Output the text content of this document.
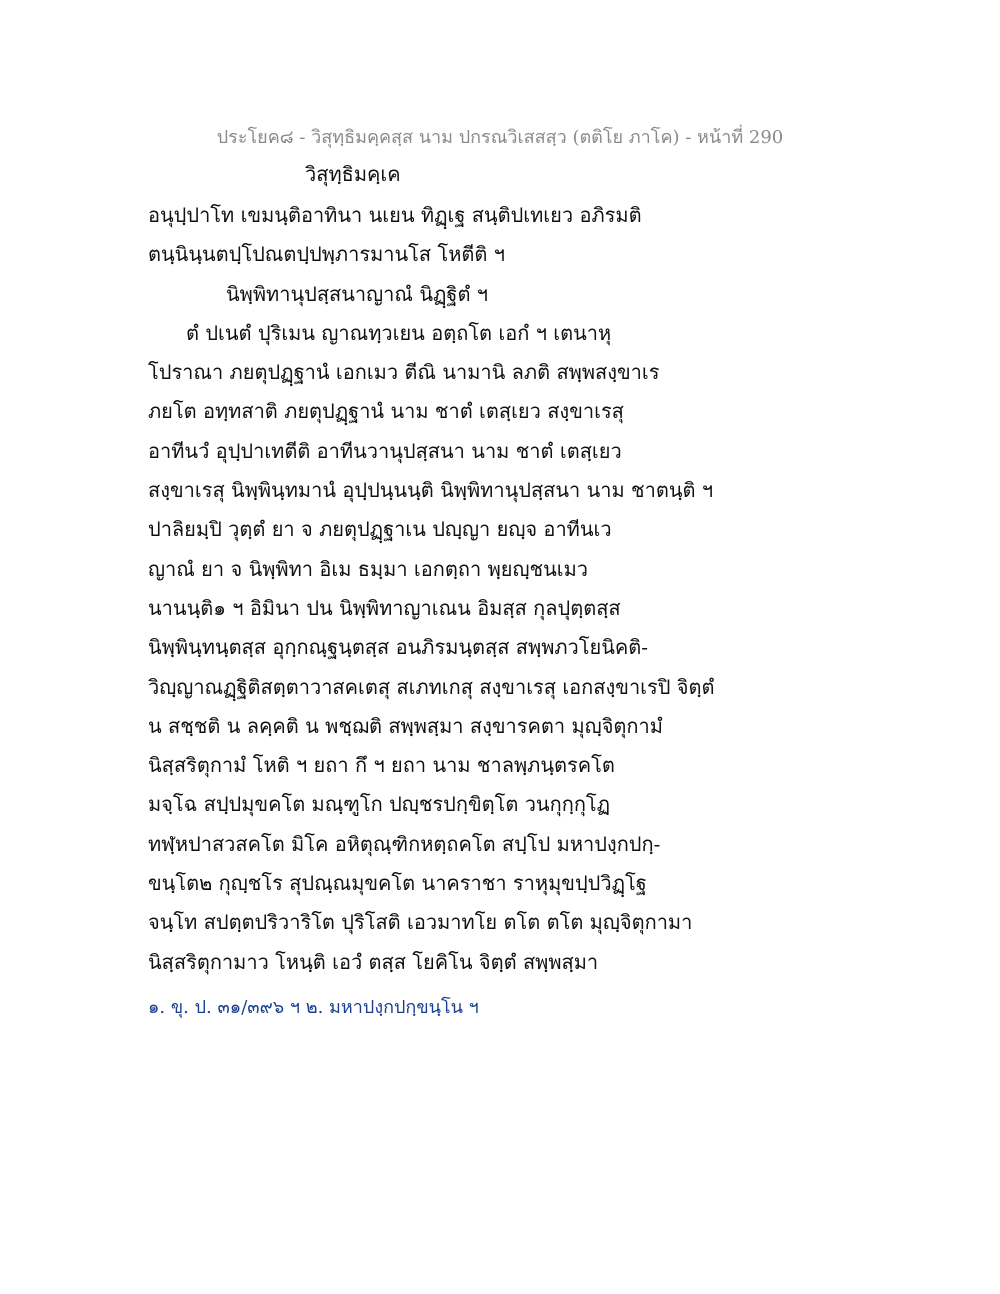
ประโยค๘ - วิสุทฺธิมคฺคสฺส นาม ปกรณวิเสสสฺว (ตติโย ภาโค) - หน้าที่ 290
วิสุทฺธิมคฺเค
อนุปฺปาโท เขมนฺติอาทินา นเยน ทิฏฺเฐ สนฺติปเทเยว อภิรมติ
ตนฺนินฺนตปฺโปณตปฺปพฺภารมานโส โหตีติ ฯ
นิพฺพิทานุปสฺสนาญาณํ นิฏฺฐิตํ ฯ
ตํ ปเนตํ ปุริเมน ญาณทฺวเยน อตฺถโต เอกํ ฯ เตนาหุ
โปราณา ภยตุปฏฺฐานํ เอกเมว ตีณิ นามานิ ลภติ สพฺพสงฺขาเร
ภยโต อทฺทสาติ ภยตุปฏฺฐานํ นาม ชาตํ เตสฺเยว สงฺขาเรสุ
อาทีนวํ อุปฺปาเทตีติ อาทีนวานุปสฺสนา นาม ชาตํ เตสฺเยว
สงฺขาเรสุ นิพฺพินฺทมานํ อุปฺปนฺนนฺติ นิพฺพิทานุปสฺสนา นาม ชาตนฺติ ฯ
ปาลิยมฺปิ วุตฺตํ ยา จ ภยตุปฏฺฐาเน ปญฺญา ยญฺจ อาทีนเว
ญาณํ ยา จ นิพฺพิทา อิเม ธมฺมา เอกตฺถา พฺยญฺชนเมว
นานนฺติ๑ ฯ อิมินา ปน นิพฺพิทาญาเณน อิมสฺส กุลปุตฺตสฺส
นิพฺพินฺทนฺตสฺส อุกฺกณฺฐนฺตสฺส อนภิรมนฺตสฺส สพฺพภวโยนิคติ-
วิญฺญาณฏฺฐิติสตฺตาวาสคเตสุ สเภทเกสุ สงฺขาเรสุ เอกสงฺขาเรปิ จิตฺตํ
น สชฺชติ น ลคฺคติ น พชฺฌติ สพฺพสฺมา สงฺขารคตา มุญฺจิตุกามํ
นิสฺสริตุกามํ โหติ ฯ ยถา กึ ฯ ยถา นาม ชาลพฺภนฺตรคโต
มจฺโฉ สปฺปมุขคโต มณฺฑูโก ปญฺชรปกฺขิตฺโต วนกุกฺกุโฏ
ทฬฺหปาสวสคโต มิโค อหิตุณฺฑิกหตฺถคโต สปฺโป มหาปงฺกปกฺ-
ขนฺโต๒ กุญฺชโร สุปณฺณมุขคโต นาคราชา ราหุมุขปฺปวิฏฺโฐ
จนฺโท สปตฺตปริวาริโต ปุริโสติ เอวมาทโย ตโต ตโต มุญฺจิตุกามา
นิสฺสริตุกามาว โหนฺติ เอวํ ตสฺส โยคิโน จิตฺตํ สพฺพสฺมา
๑. ขุ. ป. ๓๑/๓๙๖ ฯ ๒. มหาปงฺกปกฺขนฺโน ฯ
